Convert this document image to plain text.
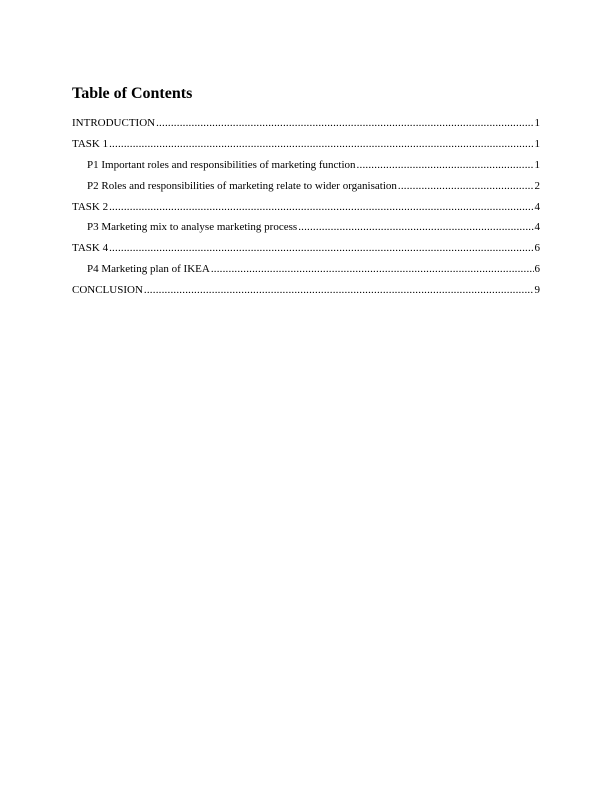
Table of Contents
INTRODUCTION .....	1
TASK 1 .....	1
P1 Important roles and responsibilities of marketing function .....	1
P2 Roles and responsibilities of marketing relate to wider organisation .....	2
TASK 2 .....	4
P3 Marketing mix to analyse marketing process .....	4
TASK 4 .....	6
P4 Marketing plan of IKEA .....	6
CONCLUSION .....	9
